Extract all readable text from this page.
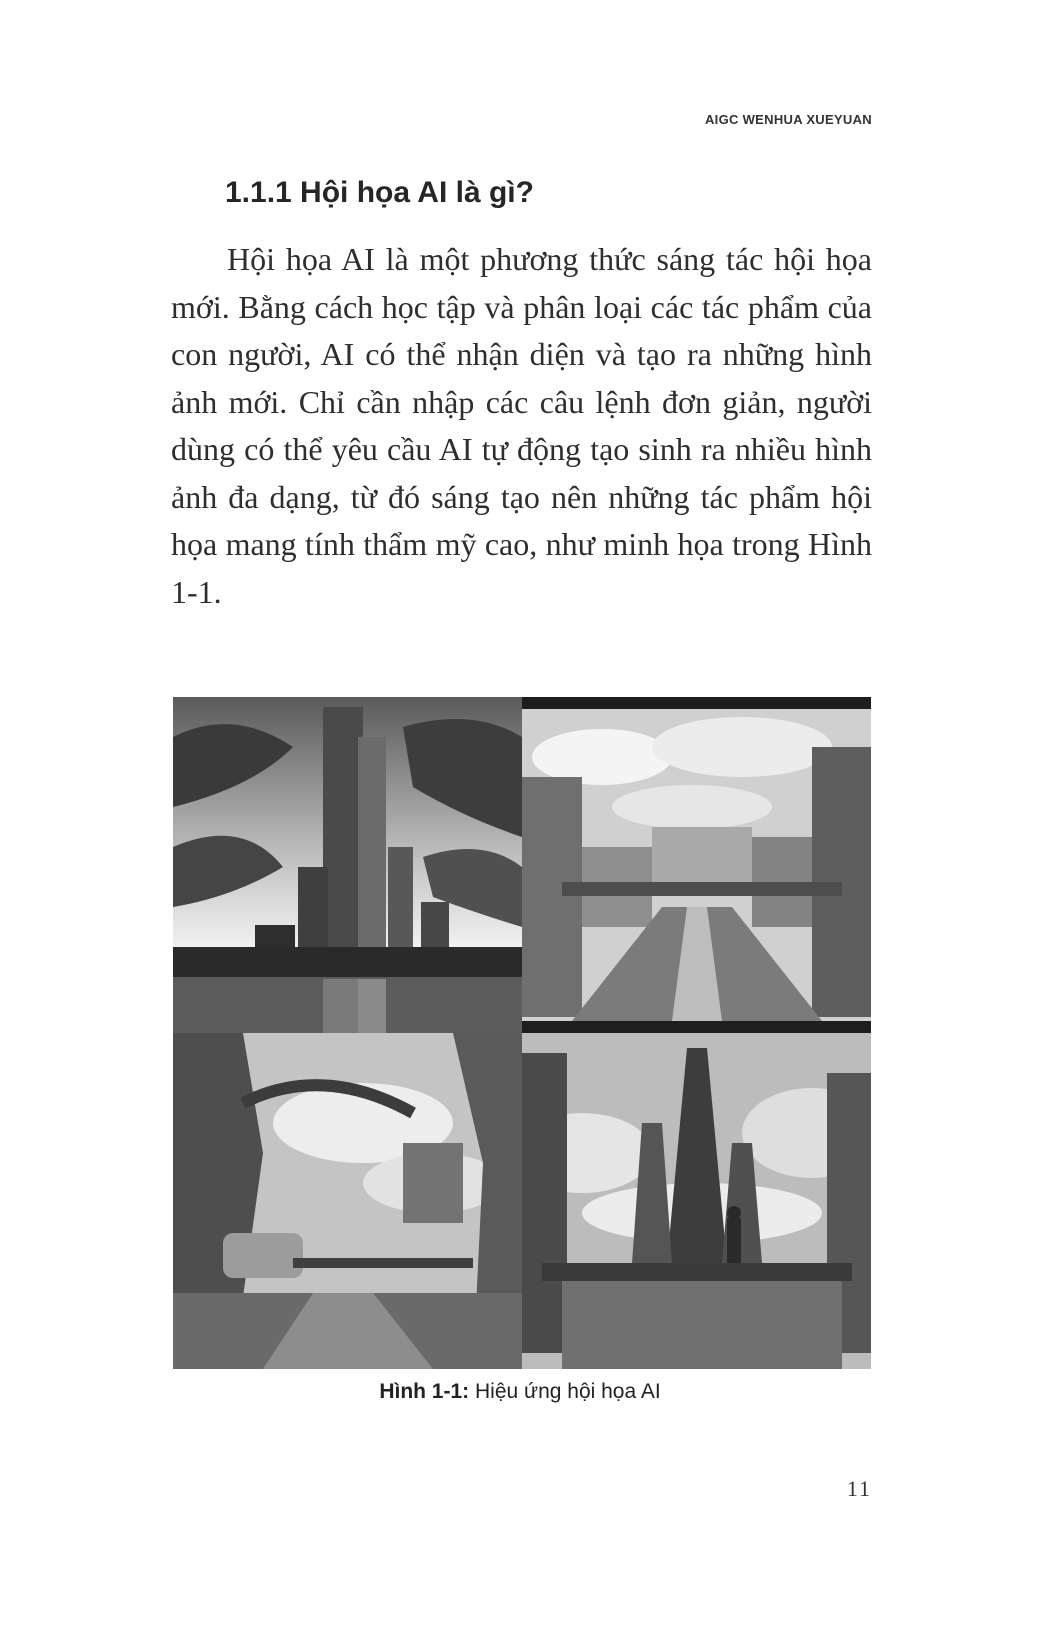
AIGC WENHUA XUEYUAN
1.1.1 Hội họa AI là gì?

Hội họa AI là một phương thức sáng tác hội họa mới. Bằng cách học tập và phân loại các tác phẩm của con người, AI có thể nhận diện và tạo ra những hình ảnh mới. Chỉ cần nhập các câu lệnh đơn giản, người dùng có thể yêu cầu AI tự động tạo sinh ra nhiều hình ảnh đa dạng, từ đó sáng tạo nên những tác phẩm hội họa mang tính thẩm mỹ cao, như minh họa trong Hình 1-1.

Hình 1-1: Hiệu ứng hội họa AI

11
